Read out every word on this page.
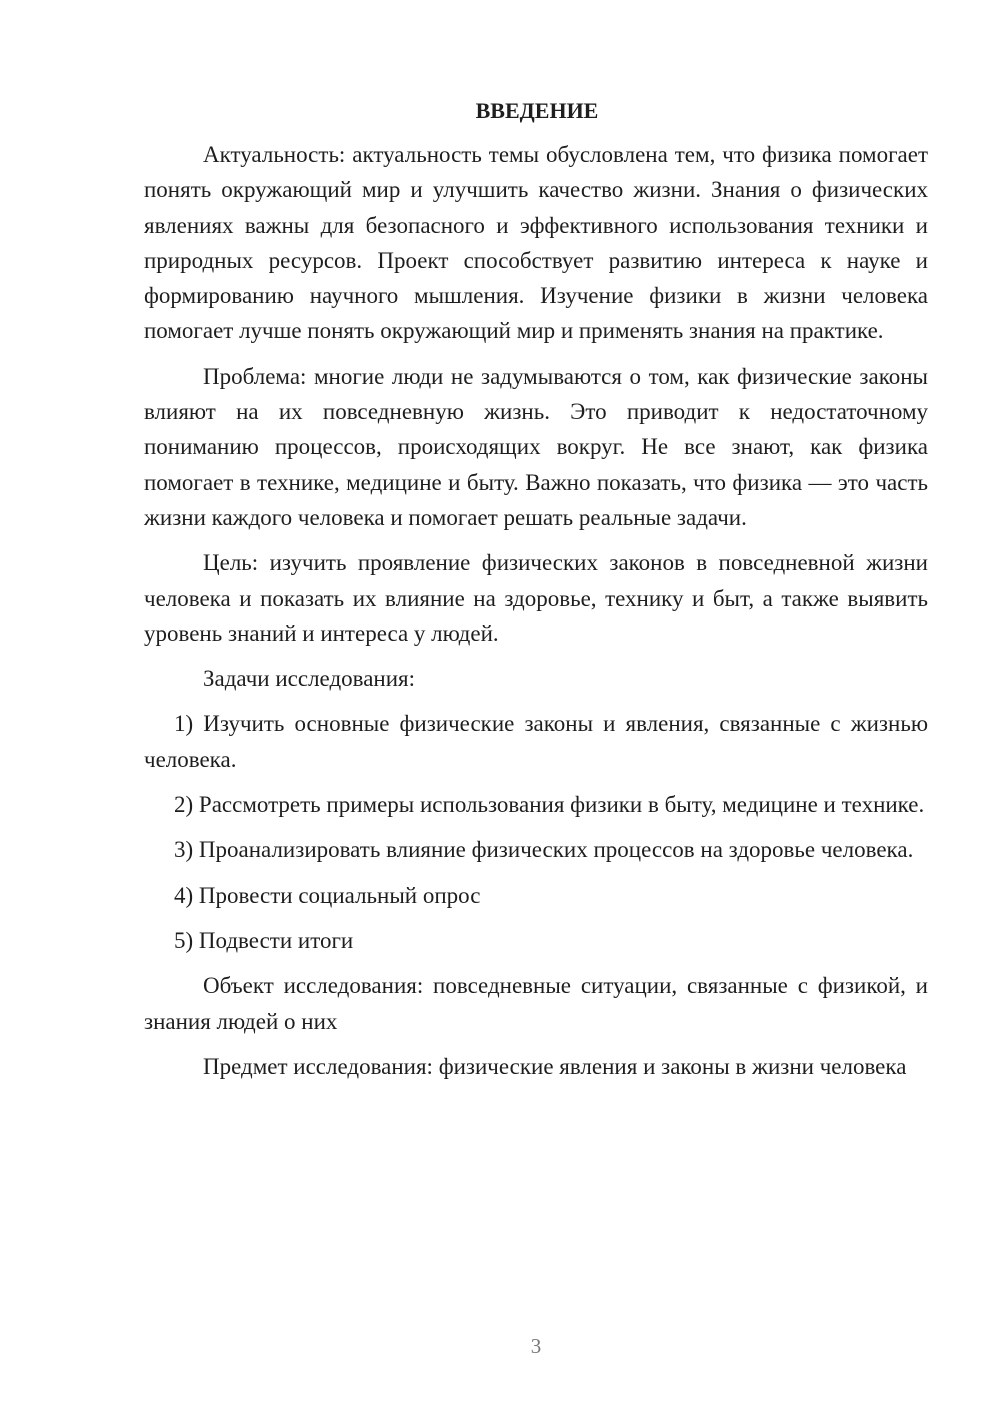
ВВЕДЕНИЕ

Актуальность: актуальность темы обусловлена тем, что физика помогает понять окружающий мир и улучшить качество жизни. Знания о физических явлениях важны для безопасного и эффективного использования техники и природных ресурсов. Проект способствует развитию интереса к науке и формированию научного мышления. Изучение физики в жизни человека помогает лучше понять окружающий мир и применять знания на практике.

Проблема: многие люди не задумываются о том, как физические законы влияют на их повседневную жизнь. Это приводит к недостаточному пониманию процессов, происходящих вокруг. Не все знают, как физика помогает в технике, медицине и быту. Важно показать, что физика — это часть жизни каждого человека и помогает решать реальные задачи.

Цель: изучить проявление физических законов в повседневной жизни человека и показать их влияние на здоровье, технику и быт, а также выявить уровень знаний и интереса у людей.

Задачи исследования:

1) Изучить основные физические законы и явления, связанные с жизнью человека.

2) Рассмотреть примеры использования физики в быту, медицине и технике.

3) Проанализировать влияние физических процессов на здоровье человека.

4) Провести социальный опрос

5) Подвести итоги

Объект исследования: повседневные ситуации, связанные с физикой, и знания людей о них

Предмет исследования: физические явления и законы в жизни человека

3
